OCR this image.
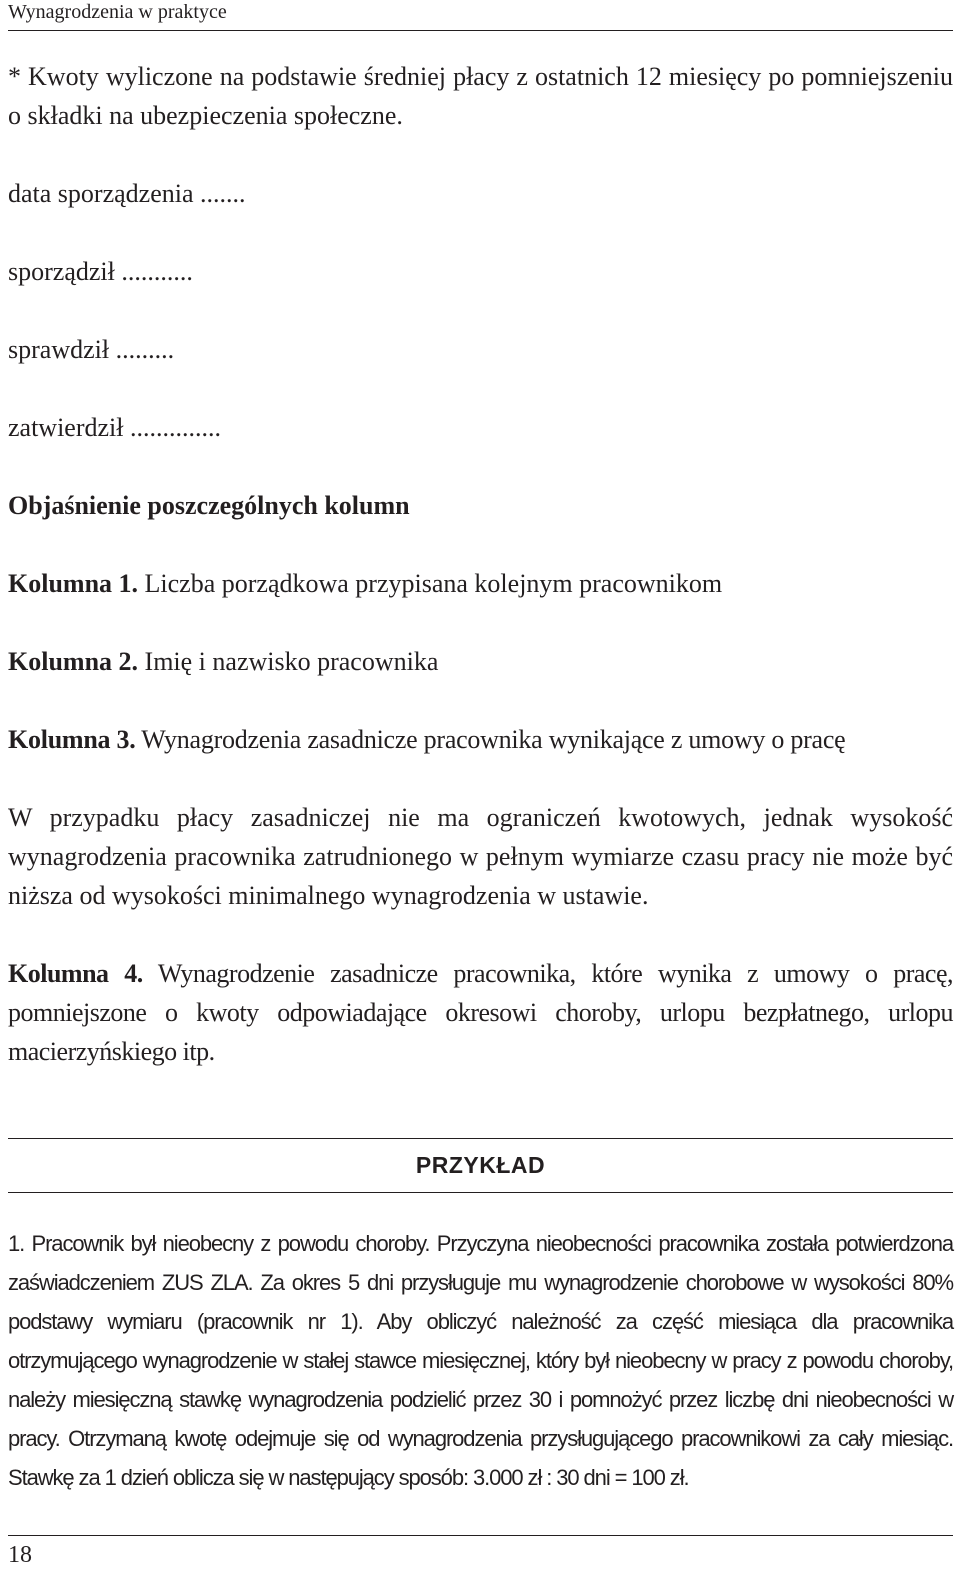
Wynagrodzenia w praktyce

* Kwoty wyliczone na podstawie średniej płacy z ostatnich 12 miesięcy po pomniejszeniu o składki na ubezpieczenia społeczne.

data sporządzenia .......

sporządził ...........

sprawdził .........

zatwierdził ..............

Objaśnienie poszczególnych kolumn

Kolumna 1. Liczba porządkowa przypisana kolejnym pracownikom

Kolumna 2. Imię i nazwisko pracownika

Kolumna 3. Wynagrodzenia zasadnicze pracownika wynikające z umowy o pracę

W przypadku płacy zasadniczej nie ma ograniczeń kwotowych, jednak wysokość wynagrodzenia pracownika zatrudnionego w pełnym wymiarze czasu pracy nie może być niższa od wysokości minimalnego wynagrodzenia w ustawie.

Kolumna 4. Wynagrodzenie zasadnicze pracownika, które wynika z umowy o pracę, pomniejszone o kwoty odpowiadające okresowi choroby, urlopu bezpłatnego, urlopu macierzyńskiego itp.

PRZYKŁAD

1. Pracownik był nieobecny z powodu choroby. Przyczyna nieobecności pracownika została potwierdzona zaświadczeniem ZUS ZLA. Za okres 5 dni przysługuje mu wynagrodzenie chorobowe w wysokości 80% podstawy wymiaru (pracownik nr 1). Aby obliczyć należność za część miesiąca dla pracownika otrzymującego wynagrodzenie w stałej stawce miesięcznej, który był nieobecny w pracy z powodu choroby, należy miesięczną stawkę wynagrodzenia podzielić przez 30 i pomnożyć przez liczbę dni nieobecności w pracy. Otrzymaną kwotę odejmuje się od wynagrodzenia przysługującego pracownikowi za cały miesiąc. Stawkę za 1 dzień oblicza się w następujący sposób: 3.000 zł : 30 dni = 100 zł.

18
